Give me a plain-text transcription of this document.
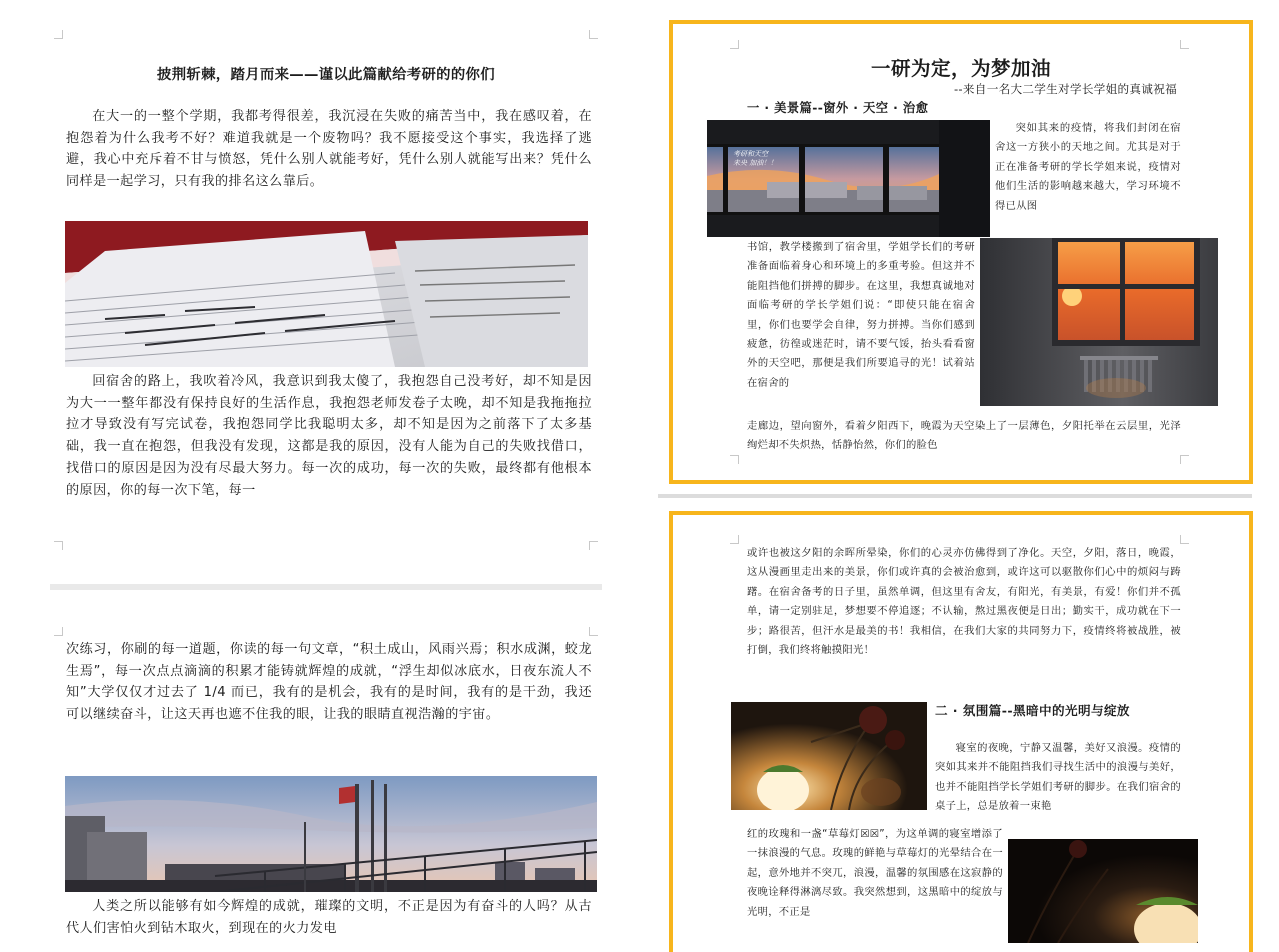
披荆斩棘，踏月而来——谨以此篇献给考研的的你们

在大一的一整个学期，我都考得很差，我沉浸在失败的痛苦当中，我在感叹着，在抱怨着为什么我考不好？难道我就是一个废物吗？我不愿接受这个事实，我选择了逃避，我心中充斥着不甘与愤怒，凭什么别人就能考好，凭什么别人就能写出来？凭什么同样是一起学习，只有我的排名这么靠后。

回宿舍的路上，我吹着冷风，我意识到我太傻了，我抱怨自己没考好，却不知是因为大一一整年都没有保持良好的生活作息，我抱怨老师发卷子太晚，却不知是我拖拖拉拉才导致没有写完试卷，我抱怨同学比我聪明太多，却不知是因为之前落下了太多基础，我一直在抱怨，但我没有发现，这都是我的原因，没有人能为自己的失败找借口，找借口的原因是因为没有尽最大努力。每一次的成功，每一次的失败，最终都有他根本的原因，你的每一次下笔，每一

次练习，你刷的每一道题，你读的每一句文章，“积土成山，风雨兴焉；积水成渊，蛟龙生焉”，每一次点点滴滴的积累才能铸就辉煌的成就，“浮生却似冰底水，日夜东流人不知”大学仅仅才过去了 1/4 而已，我有的是机会，我有的是时间，我有的是干劲，我还可以继续奋斗，让这天再也遮不住我的眼，让我的眼睛直视浩瀚的宇宙。

人类之所以能够有如今辉煌的成就，璀璨的文明，不正是因为有奋斗的人吗？从古代人们害怕火到钻木取火，到现在的火力发电

一研为定，为梦加油
--来自一名大二学生对学长学姐的真诚祝福
一 · 美景篇--窗外 · 天空 · 治愈
考研和天空
未央 加油！！

突如其来的疫情，将我们封闭在宿舍这一方狭小的天地之间。尤其是对于正在准备考研的学长学姐来说，疫情对他们生活的影响越来越大，学习环境不得已从图

书馆，教学楼搬到了宿舍里，学姐学长们的考研准备面临着身心和环境上的多重考验。但这并不能阻挡他们拼搏的脚步。在这里，我想真诚地对面临考研的学长学姐们说：“即使只能在宿舍里，你们也要学会自律，努力拼搏。当你们感到疲惫，彷徨或迷茫时，请不要气馁，抬头看看窗外的天空吧，那便是我们所要追寻的光！试着站在宿舍的

走廊边，望向窗外，看着夕阳西下，晚霞为天空染上了一层薄色，夕阳托举在云层里，光泽绚烂却不失炽热，恬静怡然，你们的脸色

或许也被这夕阳的余晖所晕染，你们的心灵亦仿佛得到了净化。天空，夕阳，落日，晚霞，这从漫画里走出来的美景，你们或许真的会被治愈到，或许这可以驱散你们心中的烦闷与踌躇。在宿舍备考的日子里，虽然单调，但这里有舍友，有阳光，有美景，有爱！你们并不孤单，请一定别驻足，梦想要不停追逐；不认输，熬过黑夜便是日出；勤实干，成功就在下一步；路很苦，但汗水是最美的书！我相信，在我们大家的共同努力下，疫情终将被战胜，被打倒，我们终将触摸阳光！

二 · 氛围篇--黑暗中的光明与绽放

寝室的夜晚，宁静又温馨，美好又浪漫。疫情的突如其来并不能阻挡我们寻找生活中的浪漫与美好，也并不能阻挡学长学姐们考研的脚步。在我们宿舍的桌子上，总是放着一束艳

红的玫瑰和一盏“草莓灯☒☒”，为这单调的寝室增添了一抹浪漫的气息。玫瑰的鲜艳与草莓灯的光晕结合在一起，意外地并不突兀，浪漫，温馨的氛围感在这寂静的夜晚诠释得淋漓尽致。我突然想到，这黑暗中的绽放与光明，不正是
